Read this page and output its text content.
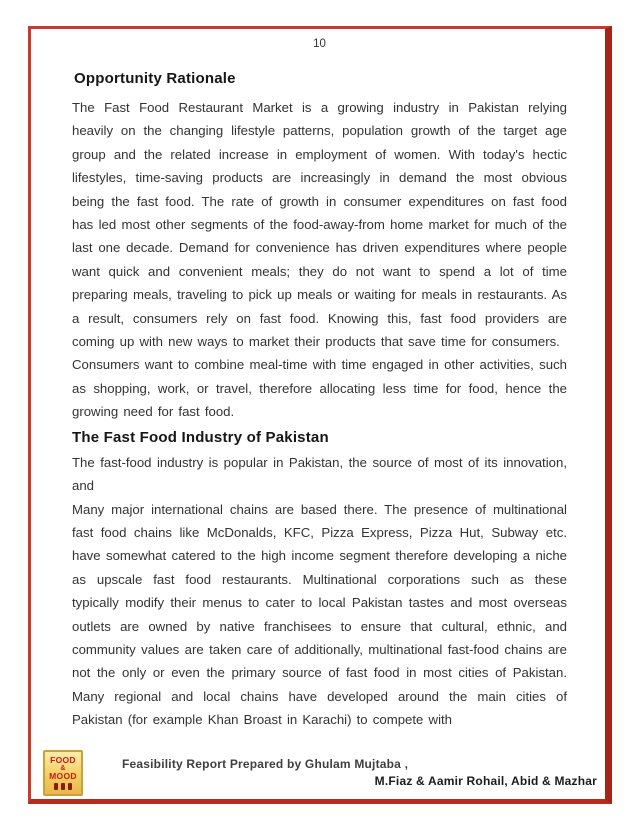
10
Opportunity Rationale

The Fast Food Restaurant Market is a growing industry in Pakistan relying heavily on the changing lifestyle patterns, population growth of the target age group and the related increase in employment of women. With today's hectic lifestyles, time-saving products are increasingly in demand the most obvious being the fast food. The rate of growth in consumer expenditures on fast food has led most other segments of the food-away-from home market for much of the last one decade. Demand for convenience has driven expenditures where people want quick and convenient meals; they do not want to spend a lot of time preparing meals, traveling to pick up meals or waiting for meals in restaurants. As a result, consumers rely on fast food. Knowing this, fast food providers are coming up with new ways to market their products that save time for consumers.

Consumers want to combine meal-time with time engaged in other activities, such as shopping, work, or travel, therefore allocating less time for food, hence the growing need for fast food.

The Fast Food Industry of Pakistan

The fast-food industry is popular in Pakistan, the source of most of its innovation, and

Many major international chains are based there. The presence of multinational fast food chains like McDonalds, KFC, Pizza Express, Pizza Hut, Subway etc. have somewhat catered to the high income segment therefore developing a niche as upscale fast food restaurants. Multinational corporations such as these typically modify their menus to cater to local Pakistan tastes and most overseas outlets are owned by native franchisees to ensure that cultural, ethnic, and community values are taken care of additionally, multinational fast-food chains are not the only or even the primary source of fast food in most cities of Pakistan. Many regional and local chains have developed around the main cities of Pakistan (for example Khan Broast in Karachi) to compete with

FOOD
&
MOOD
Feasibility Report Prepared by Ghulam Mujtaba ,
M.Fiaz & Aamir Rohail, Abid & Mazhar
